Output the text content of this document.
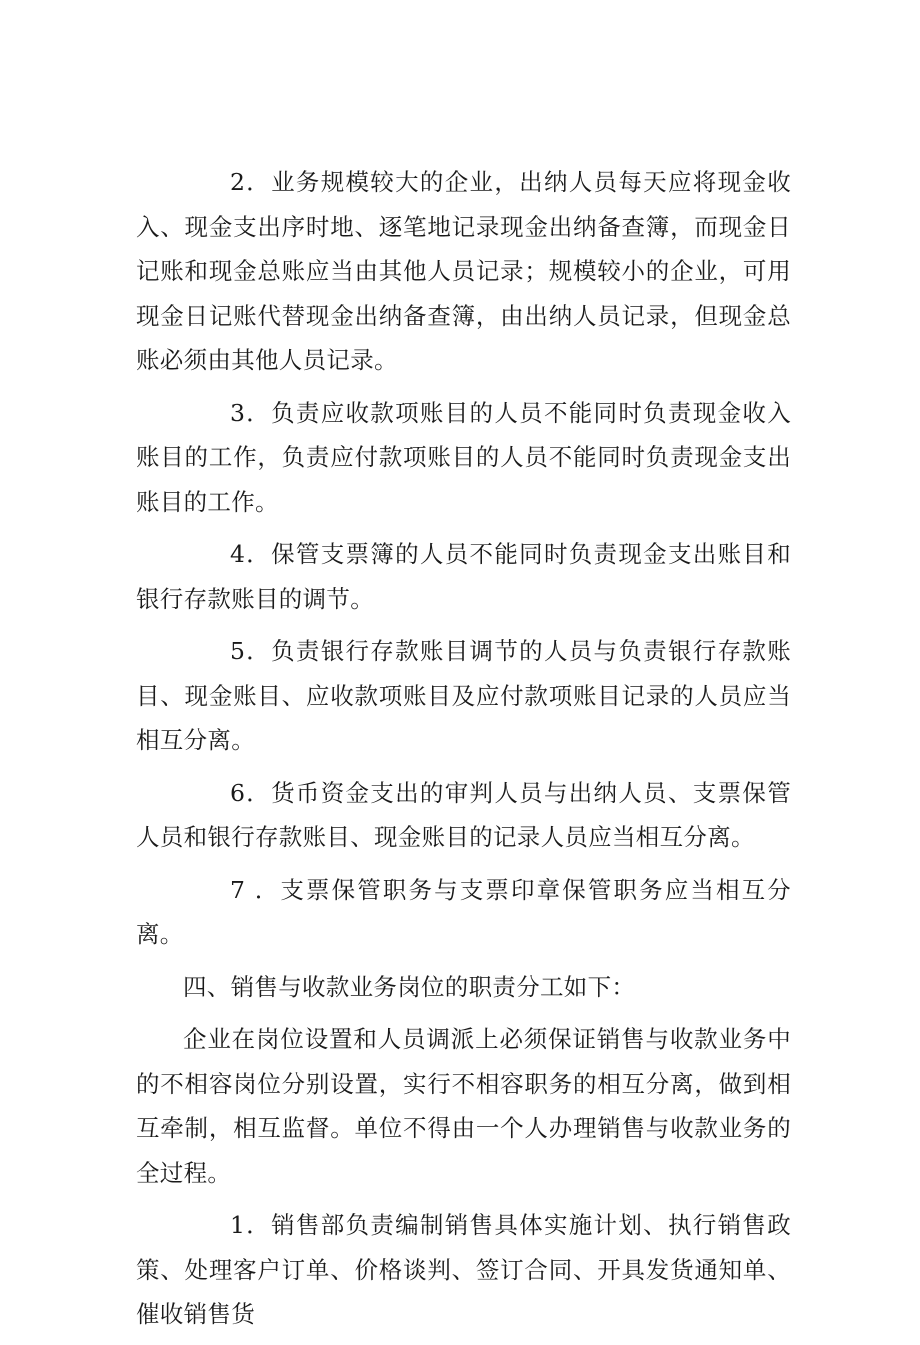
2．业务规模较大的企业，出纳人员每天应将现金收入、现金支出序时地、逐笔地记录现金出纳备查簿，而现金日记账和现金总账应当由其他人员记录；规模较小的企业，可用现金日记账代替现金出纳备查簿，由出纳人员记录，但现金总账必须由其他人员记录。

3．负责应收款项账目的人员不能同时负责现金收入账目的工作，负责应付款项账目的人员不能同时负责现金支出账目的工作。

4．保管支票簿的人员不能同时负责现金支出账目和银行存款账目的调节。

5．负责银行存款账目调节的人员与负责银行存款账目、现金账目、应收款项账目及应付款项账目记录的人员应当相互分离。

6．货币资金支出的审判人员与出纳人员、支票保管人员和银行存款账目、现金账目的记录人员应当相互分离。

7 ．支票保管职务与支票印章保管职务应当相互分离。

四、销售与收款业务岗位的职责分工如下：

企业在岗位设置和人员调派上必须保证销售与收款业务中的不相容岗位分别设置，实行不相容职务的相互分离，做到相互牵制，相互监督。单位不得由一个人办理销售与收款业务的全过程。

1．销售部负责编制销售具体实施计划、执行销售政策、处理客户订单、价格谈判、签订合同、开具发货通知单、催收销售货
